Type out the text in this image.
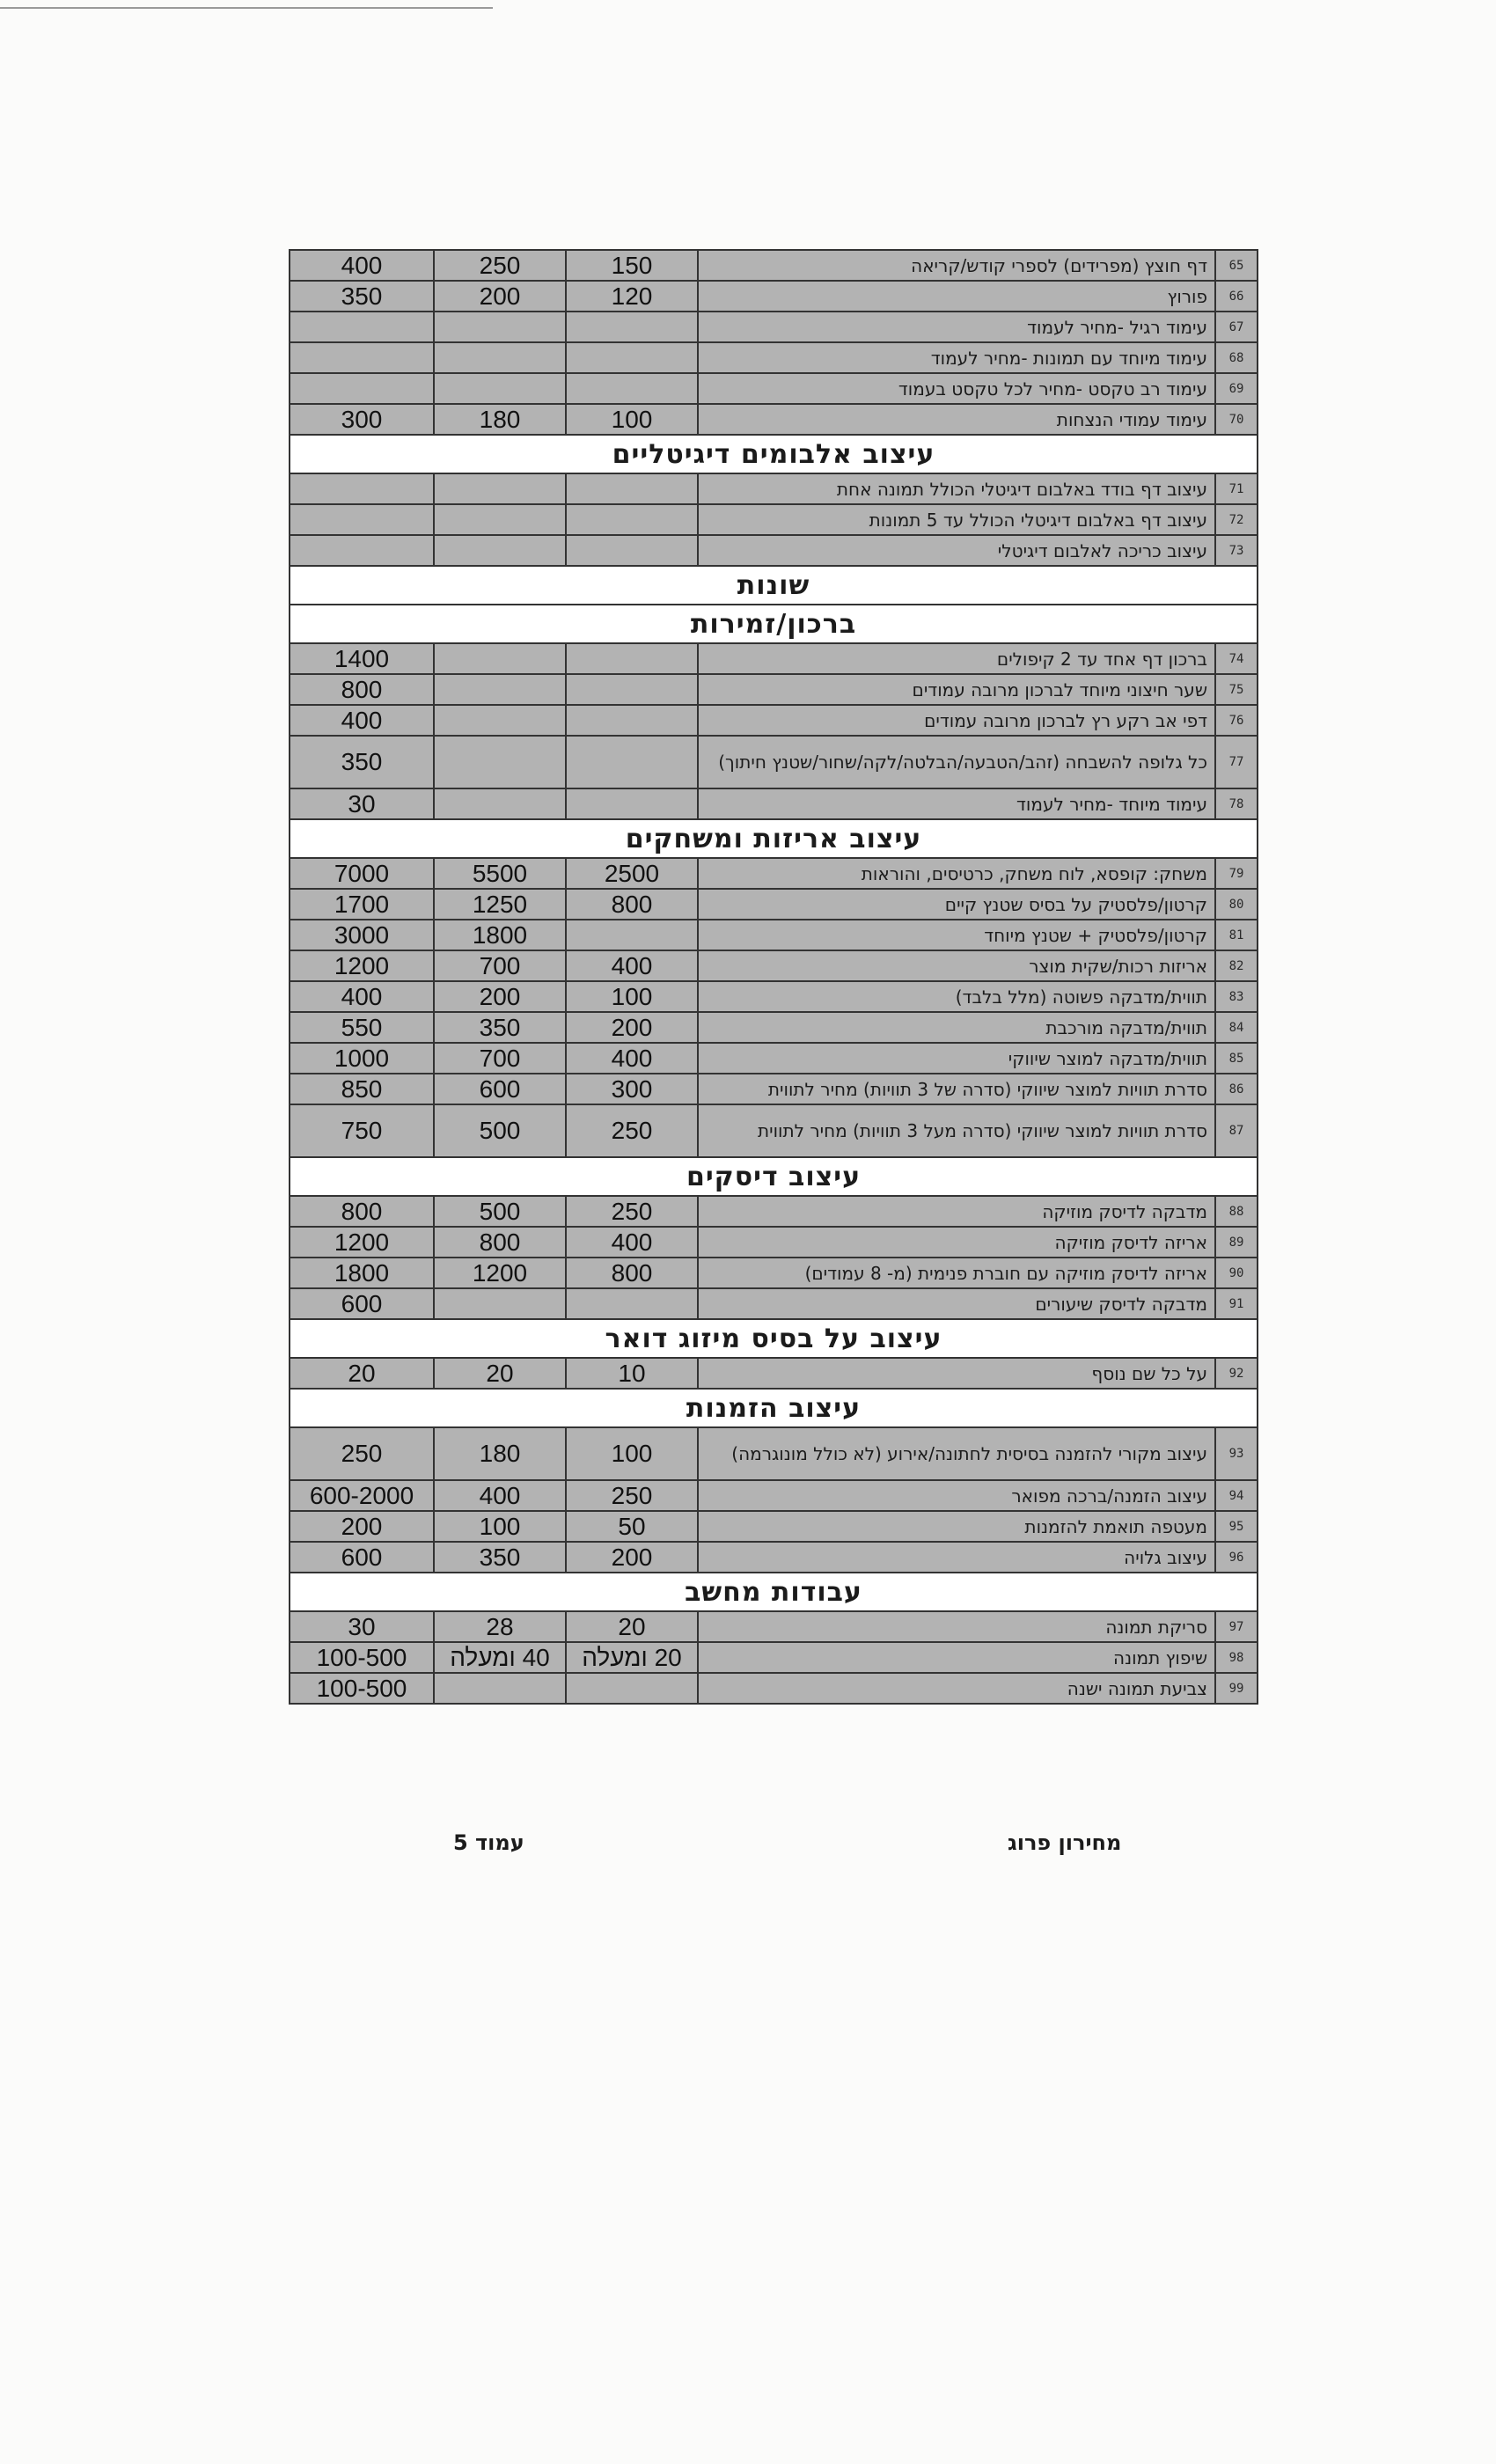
65	דף חוצץ (מפרידים) לספרי קודש/קריאה	150	250	400
66	פורוץ	120	200	350
67	עימוד רגיל -מחיר לעמוד			
68	עימוד מיוחד עם תמונות -מחיר לעמוד			
69	עימוד רב טקסט -מחיר לכל טקסט בעמוד			
70	עימוד עמודי הנצחות	100	180	300
עיצוב אלבומים דיגיטליים				
71	עיצוב דף בודד באלבום דיגיטלי הכולל תמונה אחת			
72	עיצוב דף באלבום דיגיטלי הכולל עד 5 תמונות			
73	עיצוב כריכה לאלבום דיגיטלי			
שונות				
ברכון/זמירות				
74	ברכון דף אחד עד 2 קיפולים			1400
75	שער חיצוני מיוחד לברכון מרובה עמודים			800
76	דפי אב רקע רץ לברכון מרובה עמודים			400
77	כל גלופה להשבחה (זהב/הטבעה/הבלטה/לקה/שחור/שטנץ חיתוך)			350
78	עימוד מיוחד -מחיר לעמוד			30
עיצוב אריזות ומשחקים				
79	משחק: קופסא, לוח משחק, כרטיסים, והוראות	2500	5500	7000
80	קרטון/פלסטיק על בסיס שטנץ קיים	800	1250	1700
81	קרטון/פלסטיק + שטנץ מיוחד		1800	3000
82	אריזות רכות/שקית מוצר	400	700	1200
83	תווית/מדבקה פשוטה (מלל בלבד)	100	200	400
84	תווית/מדבקה מורכבת	200	350	550
85	תווית/מדבקה למוצר שיווקי	400	700	1000
86	סדרת תוויות למוצר שיווקי (סדרה של 3 תוויות) מחיר לתווית	300	600	850
87	סדרת תוויות למוצר שיווקי (סדרה מעל 3 תוויות) מחיר לתווית	250	500	750
עיצוב דיסקים				
88	מדבקה לדיסק מוזיקה	250	500	800
89	אריזה לדיסק מוזיקה	400	800	1200
90	אריזה לדיסק מוזיקה עם חוברת פנימית (מ- 8 עמודים)	800	1200	1800
91	מדבקה לדיסק שיעורים			600
עיצוב על בסיס מיזוג דואר				
92	על כל שם נוסף	10	20	20
עיצוב הזמנות				
93	עיצוב מקורי להזמנה בסיסית לחתונה/אירוע (לא כולל מונוגרמה)	100	180	250
94	עיצוב הזמנה/ברכה מפואר	250	400	600-2000
95	מעטפה תואמת להזמנות	50	100	200
96	עיצוב גלויה	200	350	600
עבודות מחשב				
97	סריקת תמונה	20	28	30
98	שיפוץ תמונה	20 ומעלה	40 ומעלה	100-500
99	צביעת תמונה ישנה			100-500
מחירון פרוג
עמוד 5
